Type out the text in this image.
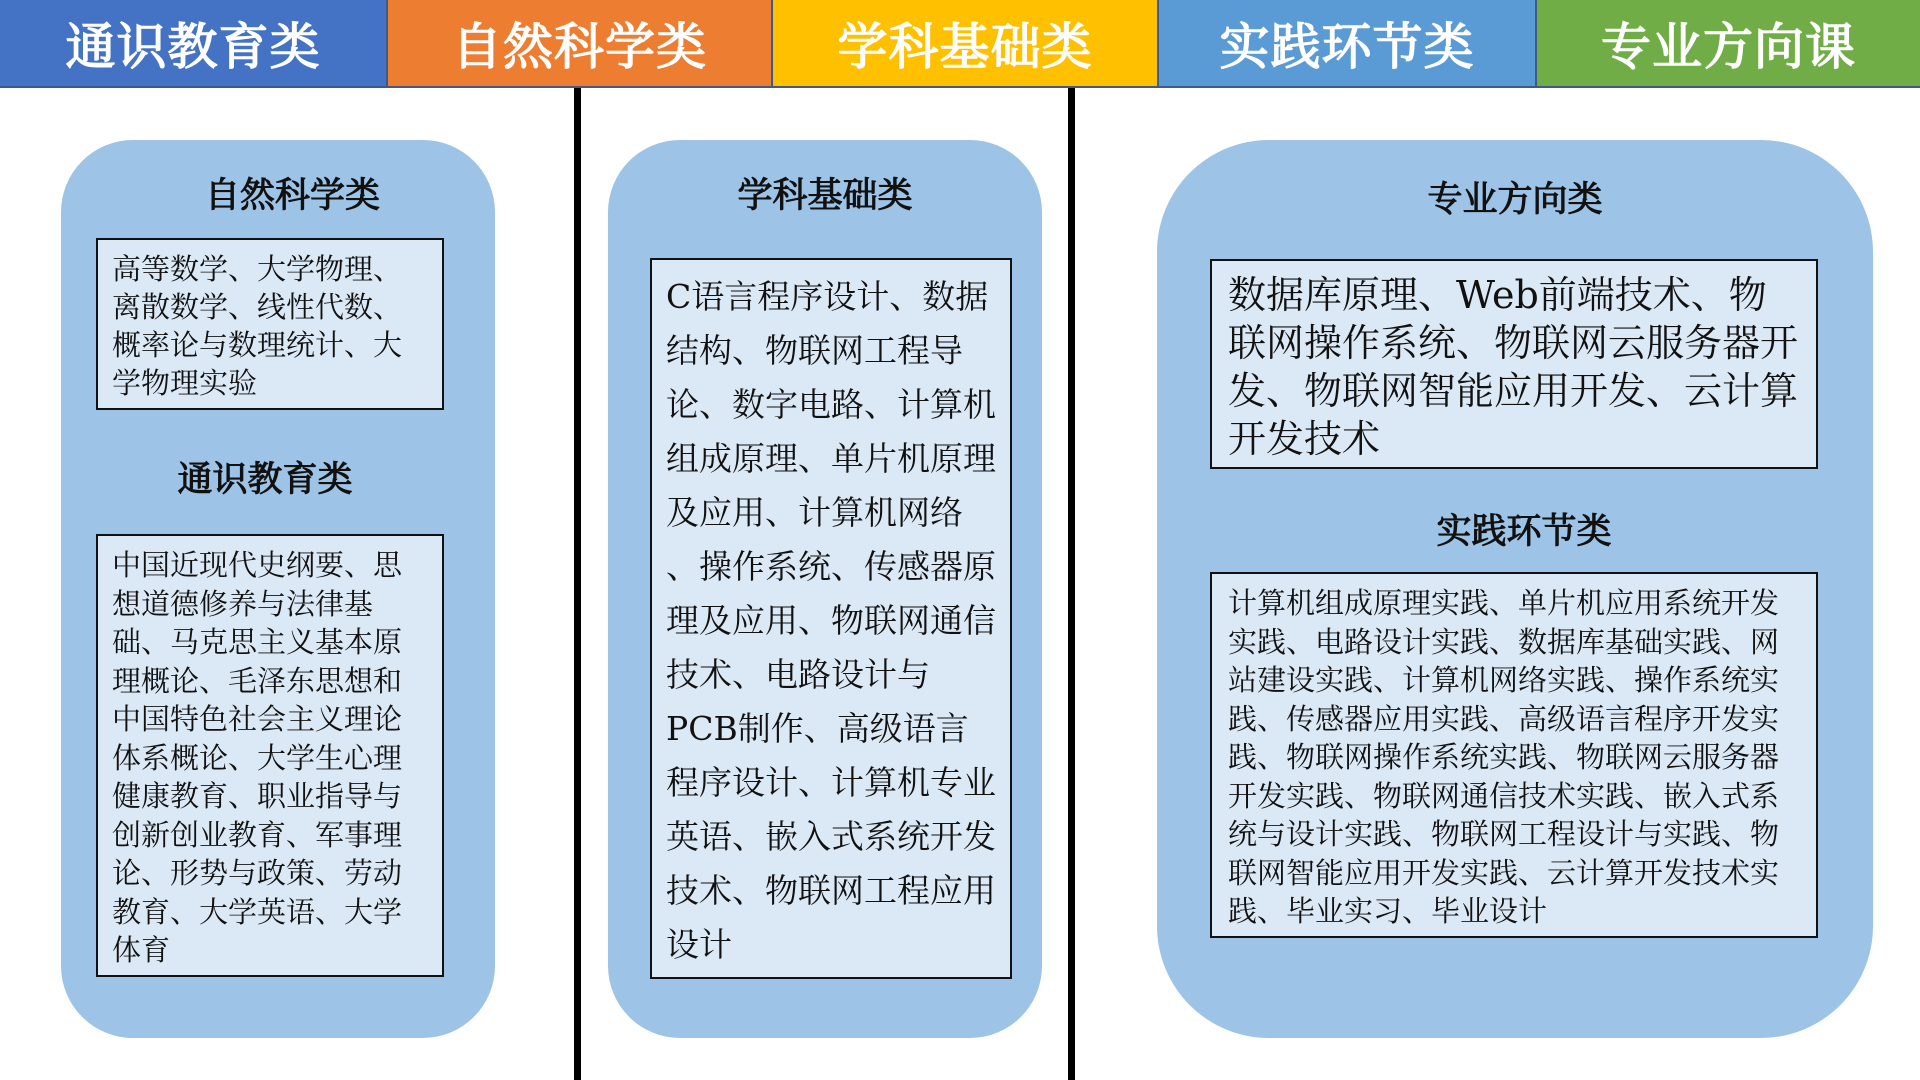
通识教育类	自然科学类	学科基础类	实践环节类	专业方向课
自然科学类
高等数学、大学物理、离散数学、线性代数、概率论与数理统计、大学物理实验
通识教育类
中国近现代史纲要、思想道德修养与法律基础、马克思主义基本原理概论、毛泽东思想和中国特色社会主义理论体系概论、大学生心理健康教育、职业指导与创新创业教育、军事理论、形势与政策、劳动教育、大学英语、大学体育
学科基础类
C语言程序设计、数据结构、物联网工程导论、数字电路、计算机组成原理、单片机原理及应用、计算机网络 、操作系统、传感器原理及应用、物联网通信技术、电路设计与PCB制作、高级语言程序设计、计算机专业英语、嵌入式系统开发技术、物联网工程应用设计
专业方向类
数据库原理、Web前端技术、物联网操作系统、物联网云服务器开发、物联网智能应用开发、云计算开发技术
实践环节类
计算机组成原理实践、单片机应用系统开发实践、电路设计实践、数据库基础实践、网站建设实践、计算机网络实践、操作系统实践、传感器应用实践、高级语言程序开发实践、物联网操作系统实践、物联网云服务器开发实践、物联网通信技术实践、嵌入式系统与设计实践、物联网工程设计与实践、物联网智能应用开发实践、云计算开发技术实践、毕业实习、毕业设计
